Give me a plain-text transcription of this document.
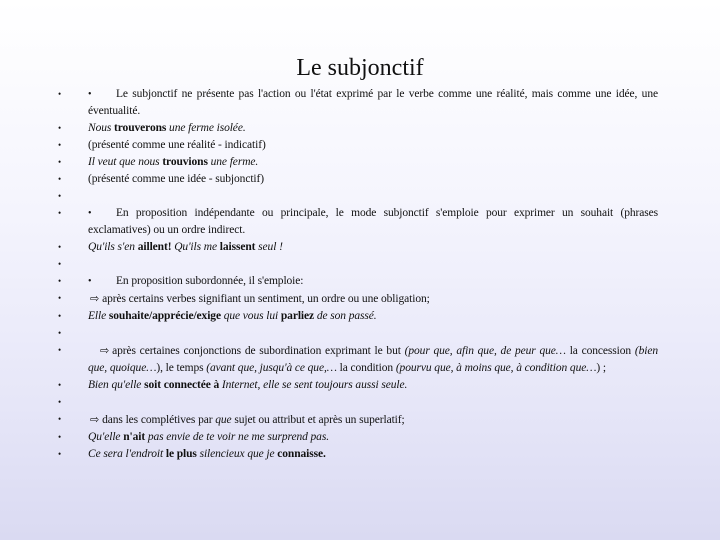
Le subjonctif
•
•Le subjonctif ne présente pas l'action ou l'état exprimé par le verbe comme une réalité, mais comme une idée, une éventualité.
•
Nous trouverons une ferme isolée.
•
(présenté comme une réalité - indicatif)
•
Il veut que nous trouvions une ferme.
•
(présenté comme une idée - subjonctif)
•
•
•En proposition indépendante ou principale, le mode subjonctif s'emploie pour exprimer un souhait (phrases exclamatives) ou un ordre indirect.
•
Qu'ils s'en aillent! Qu'ils me laissent seul !
•
•
•En proposition subordonnée, il s'emploie:
•
⇨après certains verbes signifiant un sentiment, un ordre ou une obligation;
•
Elle souhaite/apprécie/exige que vous lui parliez de son passé.
•
•
⇨après certaines conjonctions de subordination exprimant le but (pour que, afin que, de peur que… la concession (bien que, quoique…), le temps (avant que, jusqu'à ce que,… la condition (pourvu que, à moins que, à condition que…) ;
•
Bien qu'elle soit connectée à Internet, elle se sent toujours aussi seule.
•
•
⇨dans les complétives par que sujet ou attribut et après un superlatif;
•
Qu'elle n'ait pas envie de te voir ne me surprend pas.
•
Ce sera l'endroit le plus silencieux que je connaisse.
